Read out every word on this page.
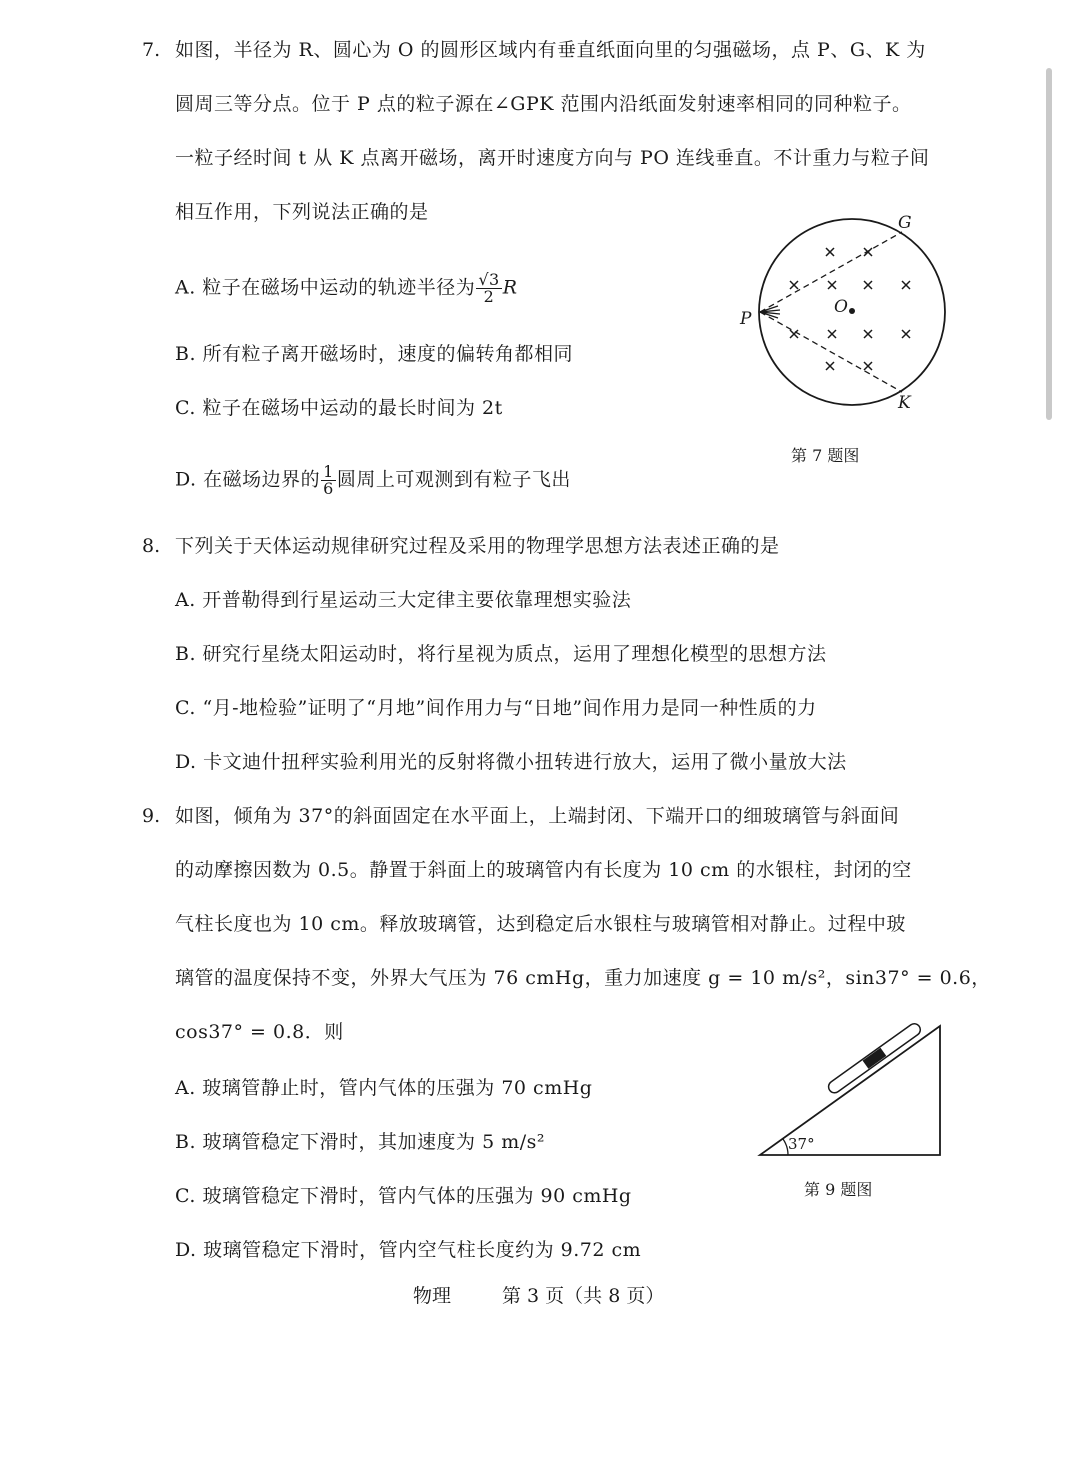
7. 如图，半径为 R、圆心为 O 的圆形区域内有垂直纸面向里的匀强磁场，点 P、G、K 为
圆周三等分点。位于 P 点的粒子源在∠GPK 范围内沿纸面发射速率相同的同种粒子。
一粒子经时间 t 从 K 点离开磁场，离开时速度方向与 PO 连线垂直。不计重力与粒子间
相互作用，下列说法正确的是
A. 粒子在磁场中运动的轨迹半径为 $\frac{√3}{2}$ R
B. 所有粒子离开磁场时，速度的偏转角都相同
C. 粒子在磁场中运动的最长时间为 2t
D. 在磁场边界的 $\frac{1}{6}$ 圆周上可观测到有粒子飞出
O
P
G
K
第 7 题图
8. 下列关于天体运动规律研究过程及采用的物理学思想方法表述正确的是
A. 开普勒得到行星运动三大定律主要依靠理想实验法
B. 研究行星绕太阳运动时，将行星视为质点，运用了理想化模型的思想方法
C. “月-地检验”证明了“月地”间作用力与“日地”间作用力是同一种性质的力
D. 卡文迪什扭秤实验利用光的反射将微小扭转进行放大，运用了微小量放大法
9. 如图，倾角为 37°的斜面固定在水平面上，上端封闭、下端开口的细玻璃管与斜面间
的动摩擦因数为 0.5。静置于斜面上的玻璃管内有长度为 10 cm 的水银柱，封闭的空
气柱长度也为 10 cm。释放玻璃管，达到稳定后水银柱与玻璃管相对静止。过程中玻
璃管的温度保持不变，外界大气压为 76 cmHg，重力加速度 g = 10 m/s²，sin37° = 0.6，
cos37° = 0.8．则
A. 玻璃管静止时，管内气体的压强为 70 cmHg
B. 玻璃管稳定下滑时，其加速度为 5 m/s²
C. 玻璃管稳定下滑时，管内气体的压强为 90 cmHg
D. 玻璃管稳定下滑时，管内空气柱长度约为 9.72 cm
37°
第 9 题图
物理	第 3 页（共 8 页）
